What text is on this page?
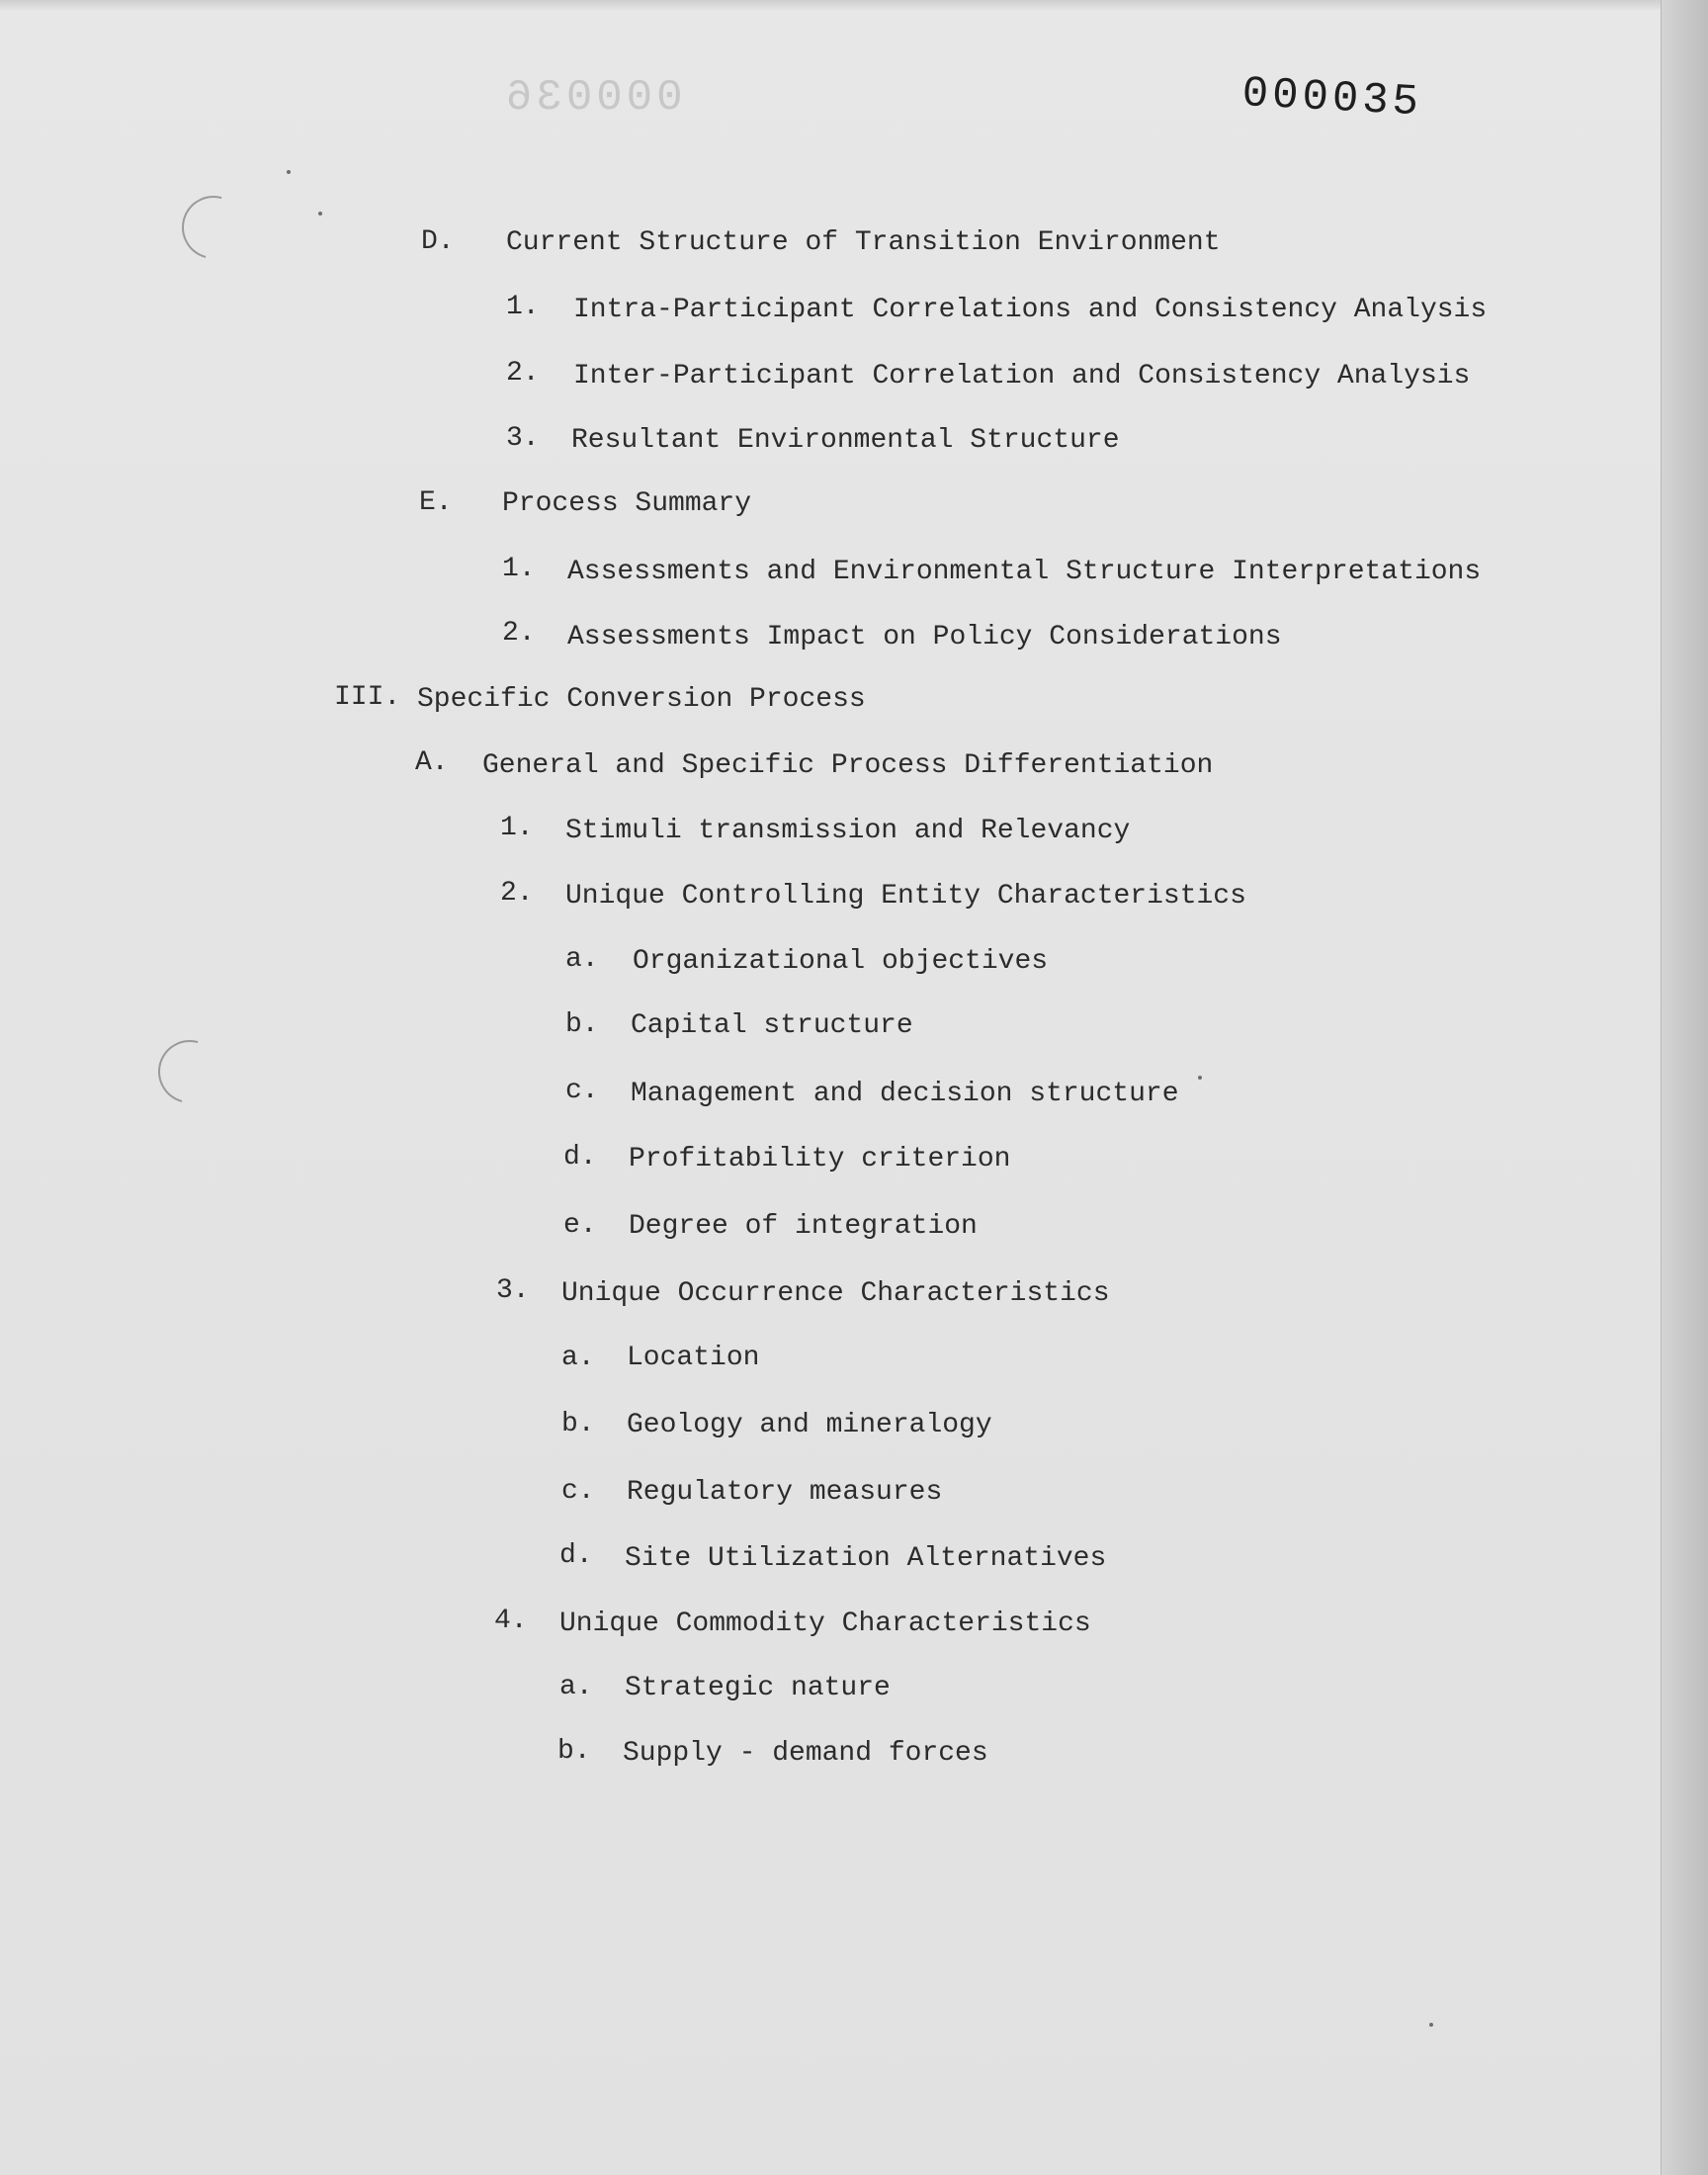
000036	000035
D. Current Structure of Transition Environment
1. Intra-Participant Correlations and Consistency Analysis
2. Inter-Participant Correlation and Consistency Analysis
3. Resultant Environmental Structure
E. Process Summary
1. Assessments and Environmental Structure Interpretations
2. Assessments Impact on Policy Considerations
III. Specific Conversion Process
A. General and Specific Process Differentiation
1. Stimuli transmission and Relevancy
2. Unique Controlling Entity Characteristics
a. Organizational objectives
b. Capital structure
c. Management and decision structure
d. Profitability criterion
e. Degree of integration
3. Unique Occurrence Characteristics
a. Location
b. Geology and mineralogy
c. Regulatory measures
d. Site Utilization Alternatives
4. Unique Commodity Characteristics
a. Strategic nature
b. Supply - demand forces
